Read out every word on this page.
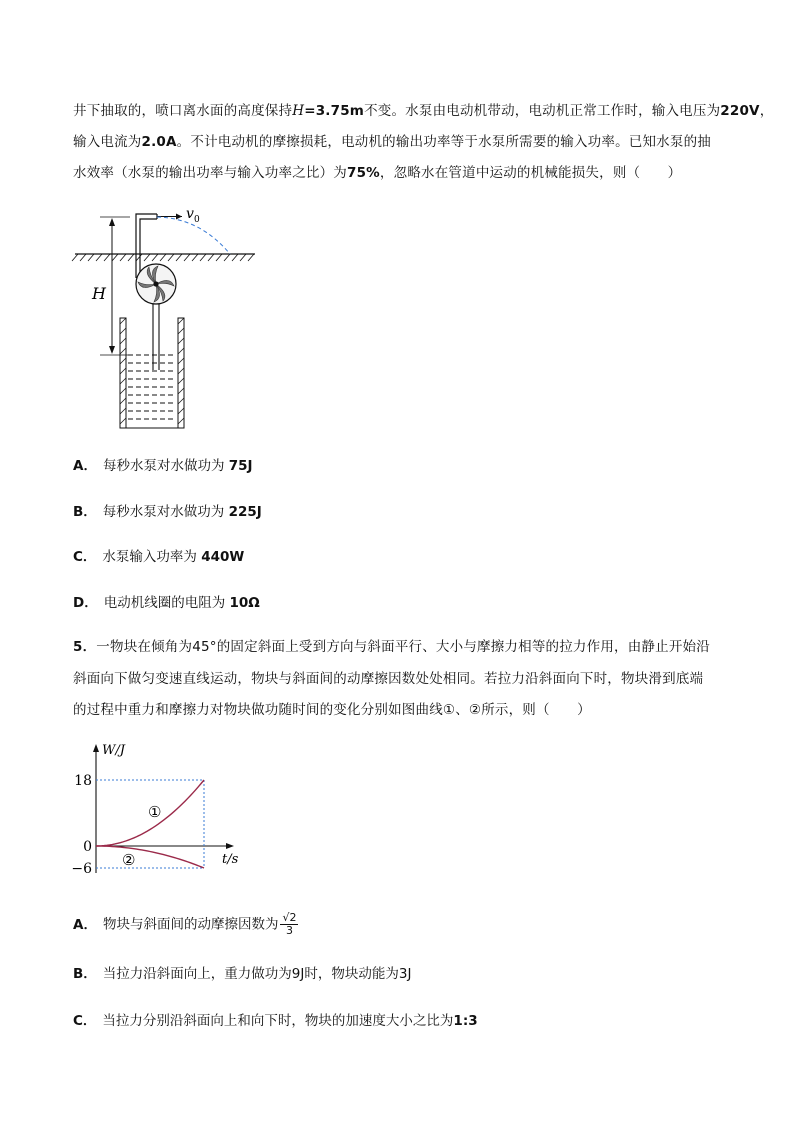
井下抽取的，喷口离水面的高度保持H=3.75m不变。水泵由电动机带动，电动机正常工作时，输入电压为220V，
输入电流为2.0A。不计电动机的摩擦损耗，电动机的输出功率等于水泵所需要的输入功率。已知水泵的抽
水效率（水泵的输出功率与输入功率之比）为75%，忽略水在管道中运动的机械能损失，则（　　）
v 0
H
A． 每秒水泵对水做功为 75J
B． 每秒水泵对水做功为 225J
C． 水泵输入功率为 440W
D． 电动机线圈的电阻为 10Ω
5．一物块在倾角为45°的固定斜面上受到方向与斜面平行、大小与摩擦力相等的拉力作用，由静止开始沿
斜面向下做匀变速直线运动，物块与斜面间的动摩擦因数处处相同。若拉力沿斜面向下时，物块滑到底端
的过程中重力和摩擦力对物块做功随时间的变化分别如图曲线①、②所示，则（　　）
W/J
t/s
18
0
−6
①
②
A． 物块与斜面间的动摩擦因数为 $\frac{√2}{3}$
B． 当拉力沿斜面向上，重力做功为9J时，物块动能为3J
C． 当拉力分别沿斜面向上和向下时，物块的加速度大小之比为1:3
